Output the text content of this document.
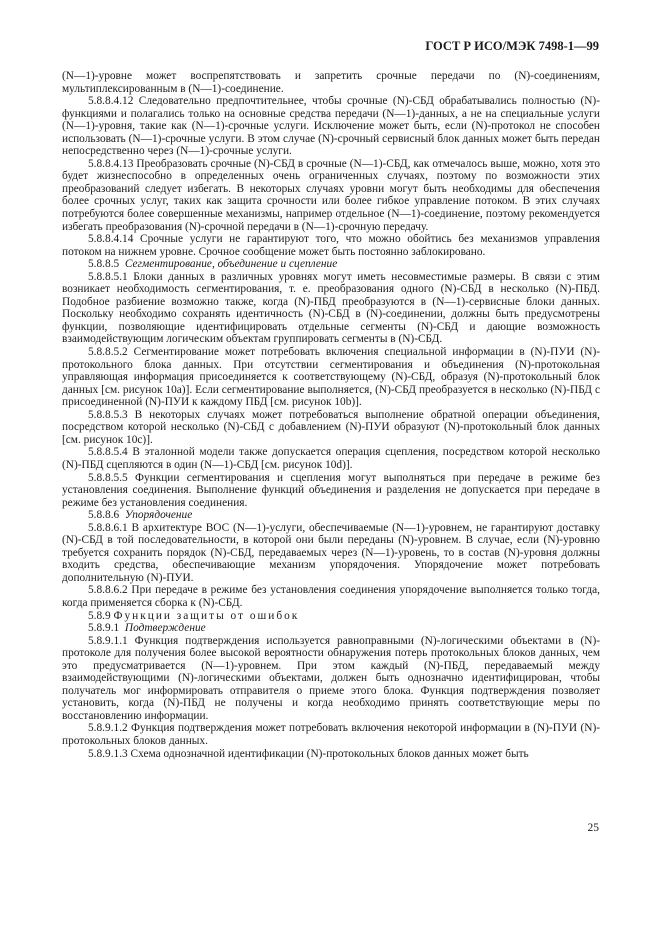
ГОСТ Р ИСО/МЭК 7498-1—99

(N—1)-уровне может воспрепятствовать и запретить срочные передачи по (N)-соединениям, мультиплексированным в (N—1)-соединение.

5.8.8.4.12 Следовательно предпочтительнее, чтобы срочные (N)-СБД обрабатывались полностью (N)-функциями и полагались только на основные средства передачи (N—1)-данных, а не на специальные услуги (N—1)-уровня, такие как (N—1)-срочные услуги. Исключение может быть, если (N)-протокол не способен использовать (N—1)-срочные услуги. В этом случае (N)-срочный сервисный блок данных может быть передан непосредственно через (N—1)-срочные услуги.

5.8.8.4.13 Преобразовать срочные (N)-СБД в срочные (N—1)-СБД, как отмечалось выше, можно, хотя это будет жизнеспособно в определенных очень ограниченных случаях, поэтому по возможности этих преобразований следует избегать. В некоторых случаях уровни могут быть необходимы для обеспечения более срочных услуг, таких как защита срочности или более гибкое управление потоком. В этих случаях потребуются более совершенные механизмы, например отдельное (N—1)-соединение, поэтому рекомендуется избегать преобразования (N)-срочной передачи в (N—1)-срочную передачу.

5.8.8.4.14 Срочные услуги не гарантируют того, что можно обойтись без механизмов управления потоком на нижнем уровне. Срочное сообщение может быть постоянно заблокировано.

5.8.8.5 Сегментирование, объединение и сцепление

5.8.8.5.1 Блоки данных в различных уровнях могут иметь несовместимые размеры. В связи с этим возникает необходимость сегментирования, т. е. преобразования одного (N)-СБД в несколько (N)-ПБД. Подобное разбиение возможно также, когда (N)-ПБД преобразуются в (N—1)-сервисные блоки данных. Поскольку необходимо сохранять идентичность (N)-СБД в (N)-соединении, должны быть предусмотрены функции, позволяющие идентифицировать отдельные сегменты (N)-СБД и дающие возможность взаимодействующим логическим объектам группировать сегменты в (N)-СБД.

5.8.8.5.2 Сегментирование может потребовать включения специальной информации в (N)-ПУИ (N)-протокольного блока данных. При отсутствии сегментирования и объединения (N)-протокольная управляющая информация присоединяется к соответствующему (N)-СБД, образуя (N)-протокольный блок данных [см. рисунок 10а)]. Если сегментирование выполняется, (N)-СБД преобразуется в несколько (N)-ПБД с присоединенной (N)-ПУИ к каждому ПБД [см. рисунок 10b)].

5.8.8.5.3 В некоторых случаях может потребоваться выполнение обратной операции объединения, посредством которой несколько (N)-СБД с добавлением (N)-ПУИ образуют (N)-протокольный блок данных [см. рисунок 10с)].

5.8.8.5.4 В эталонной модели также допускается операция сцепления, посредством которой несколько (N)-ПБД сцепляются в один (N—1)-СБД [см. рисунок 10d)].

5.8.8.5.5 Функции сегментирования и сцепления могут выполняться при передаче в режиме без установления соединения. Выполнение функций объединения и разделения не допускается при передаче в режиме без установления соединения.

5.8.8.6 Упорядочение

5.8.8.6.1 В архитектуре ВОС (N—1)-услуги, обеспечиваемые (N—1)-уровнем, не гарантируют доставку (N)-СБД в той последовательности, в которой они были переданы (N)-уровнем. В случае, если (N)-уровню требуется сохранить порядок (N)-СБД, передаваемых через (N—1)-уровень, то в состав (N)-уровня должны входить средства, обеспечивающие механизм упорядочения. Упорядочение может потребовать дополнительную (N)-ПУИ.

5.8.8.6.2 При передаче в режиме без установления соединения упорядочение выполняется только тогда, когда применяется сборка к (N)-СБД.

5.8.9 Функции защиты от ошибок

5.8.9.1 Подтверждение

5.8.9.1.1 Функция подтверждения используется равноправными (N)-логическими объектами в (N)-протоколе для получения более высокой вероятности обнаружения потерь протокольных блоков данных, чем это предусматривается (N—1)-уровнем. При этом каждый (N)-ПБД, передаваемый между взаимодействующими (N)-логическими объектами, должен быть однозначно идентифицирован, чтобы получатель мог информировать отправителя о приеме этого блока. Функция подтверждения позволяет установить, когда (N)-ПБД не получены и когда необходимо принять соответствующие меры по восстановлению информации.

5.8.9.1.2 Функция подтверждения может потребовать включения некоторой информации в (N)-ПУИ (N)-протокольных блоков данных.

5.8.9.1.3 Схема однозначной идентификации (N)-протокольных блоков данных может быть

25
